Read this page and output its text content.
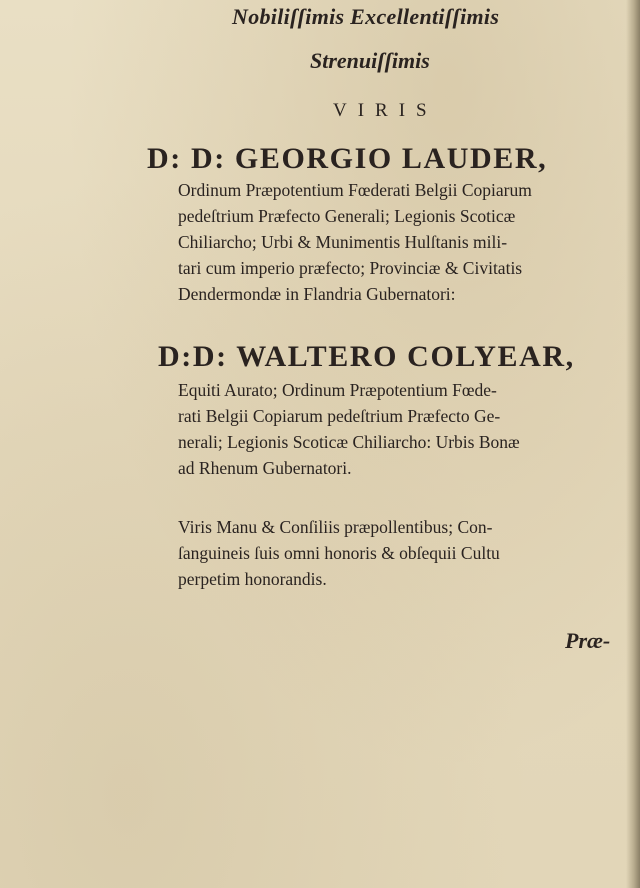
Nobiliſſimis Excellentiſſimis
Strenuiſſimis
VIRIS
D: D: GEORGIO LAUDER,
Ordinum Præpotentium Fœderati Belgii Copiarum
pedeſtrium Præfecto Generali; Legionis Scoticæ
Chiliarcho; Urbi & Munimentis Hulſtanis mili-
tari cum imperio præfecto; Provinciæ & Civitatis
Dendermondæ in Flandria Gubernatori:
D:D: WALTERO COLYEAR,
Equiti Aurato; Ordinum Præpotentium Fœde-
rati Belgii Copiarum pedeſtrium Præfecto Ge-
nerali; Legionis Scoticæ Chiliarcho: Urbis Bonæ
ad Rhenum Gubernatori.
Viris Manu & Conſiliis præpollentibus; Con-
ſanguineis ſuis omni honoris & obſequii Cultu
perpetim honorandis.
Præ-
